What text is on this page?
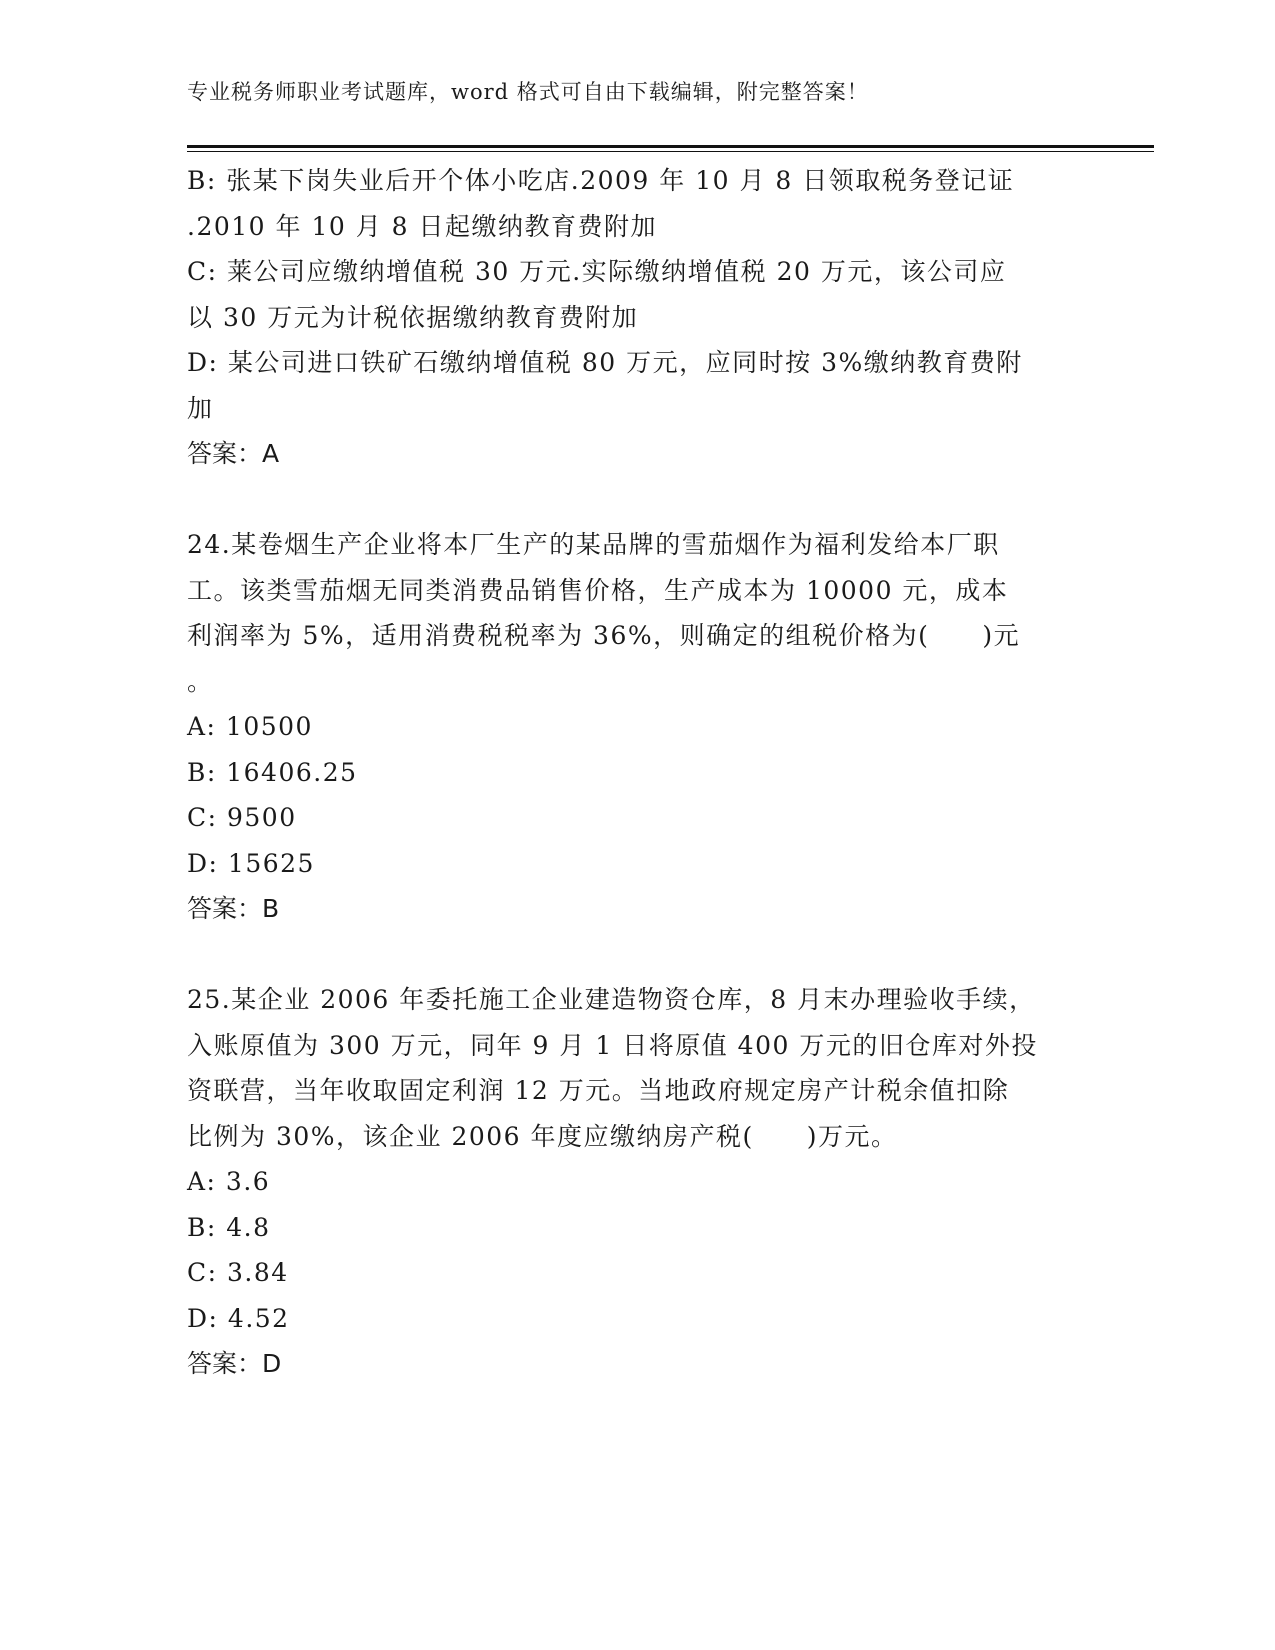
专业税务师职业考试题库，word 格式可自由下载编辑，附完整答案！
B: 张某下岗失业后开个体小吃店.2009 年 10 月 8 日领取税务登记证
.2010 年 10 月 8 日起缴纳教育费附加
C: 莱公司应缴纳增值税 30 万元.实际缴纳增值税 20 万元，该公司应
以 30 万元为计税依据缴纳教育费附加
D: 某公司进口铁矿石缴纳增值税 80 万元，应同时按 3%缴纳教育费附
加
答案：A
24.某卷烟生产企业将本厂生产的某品牌的雪茄烟作为福利发给本厂职
工。该类雪茄烟无同类消费品销售价格，生产成本为 10000 元，成本
利润率为 5%，适用消费税税率为 36%，则确定的组税价格为(　　)元
。
A: 10500
B: 16406.25
C: 9500
D: 15625
答案：B
25.某企业 2006 年委托施工企业建造物资仓库，8 月末办理验收手续，
入账原值为 300 万元，同年 9 月 1 日将原值 400 万元的旧仓库对外投
资联营，当年收取固定利润 12 万元。当地政府规定房产计税余值扣除
比例为 30%，该企业 2006 年度应缴纳房产税(　　)万元。
A: 3.6
B: 4.8
C: 3.84
D: 4.52
答案：D
